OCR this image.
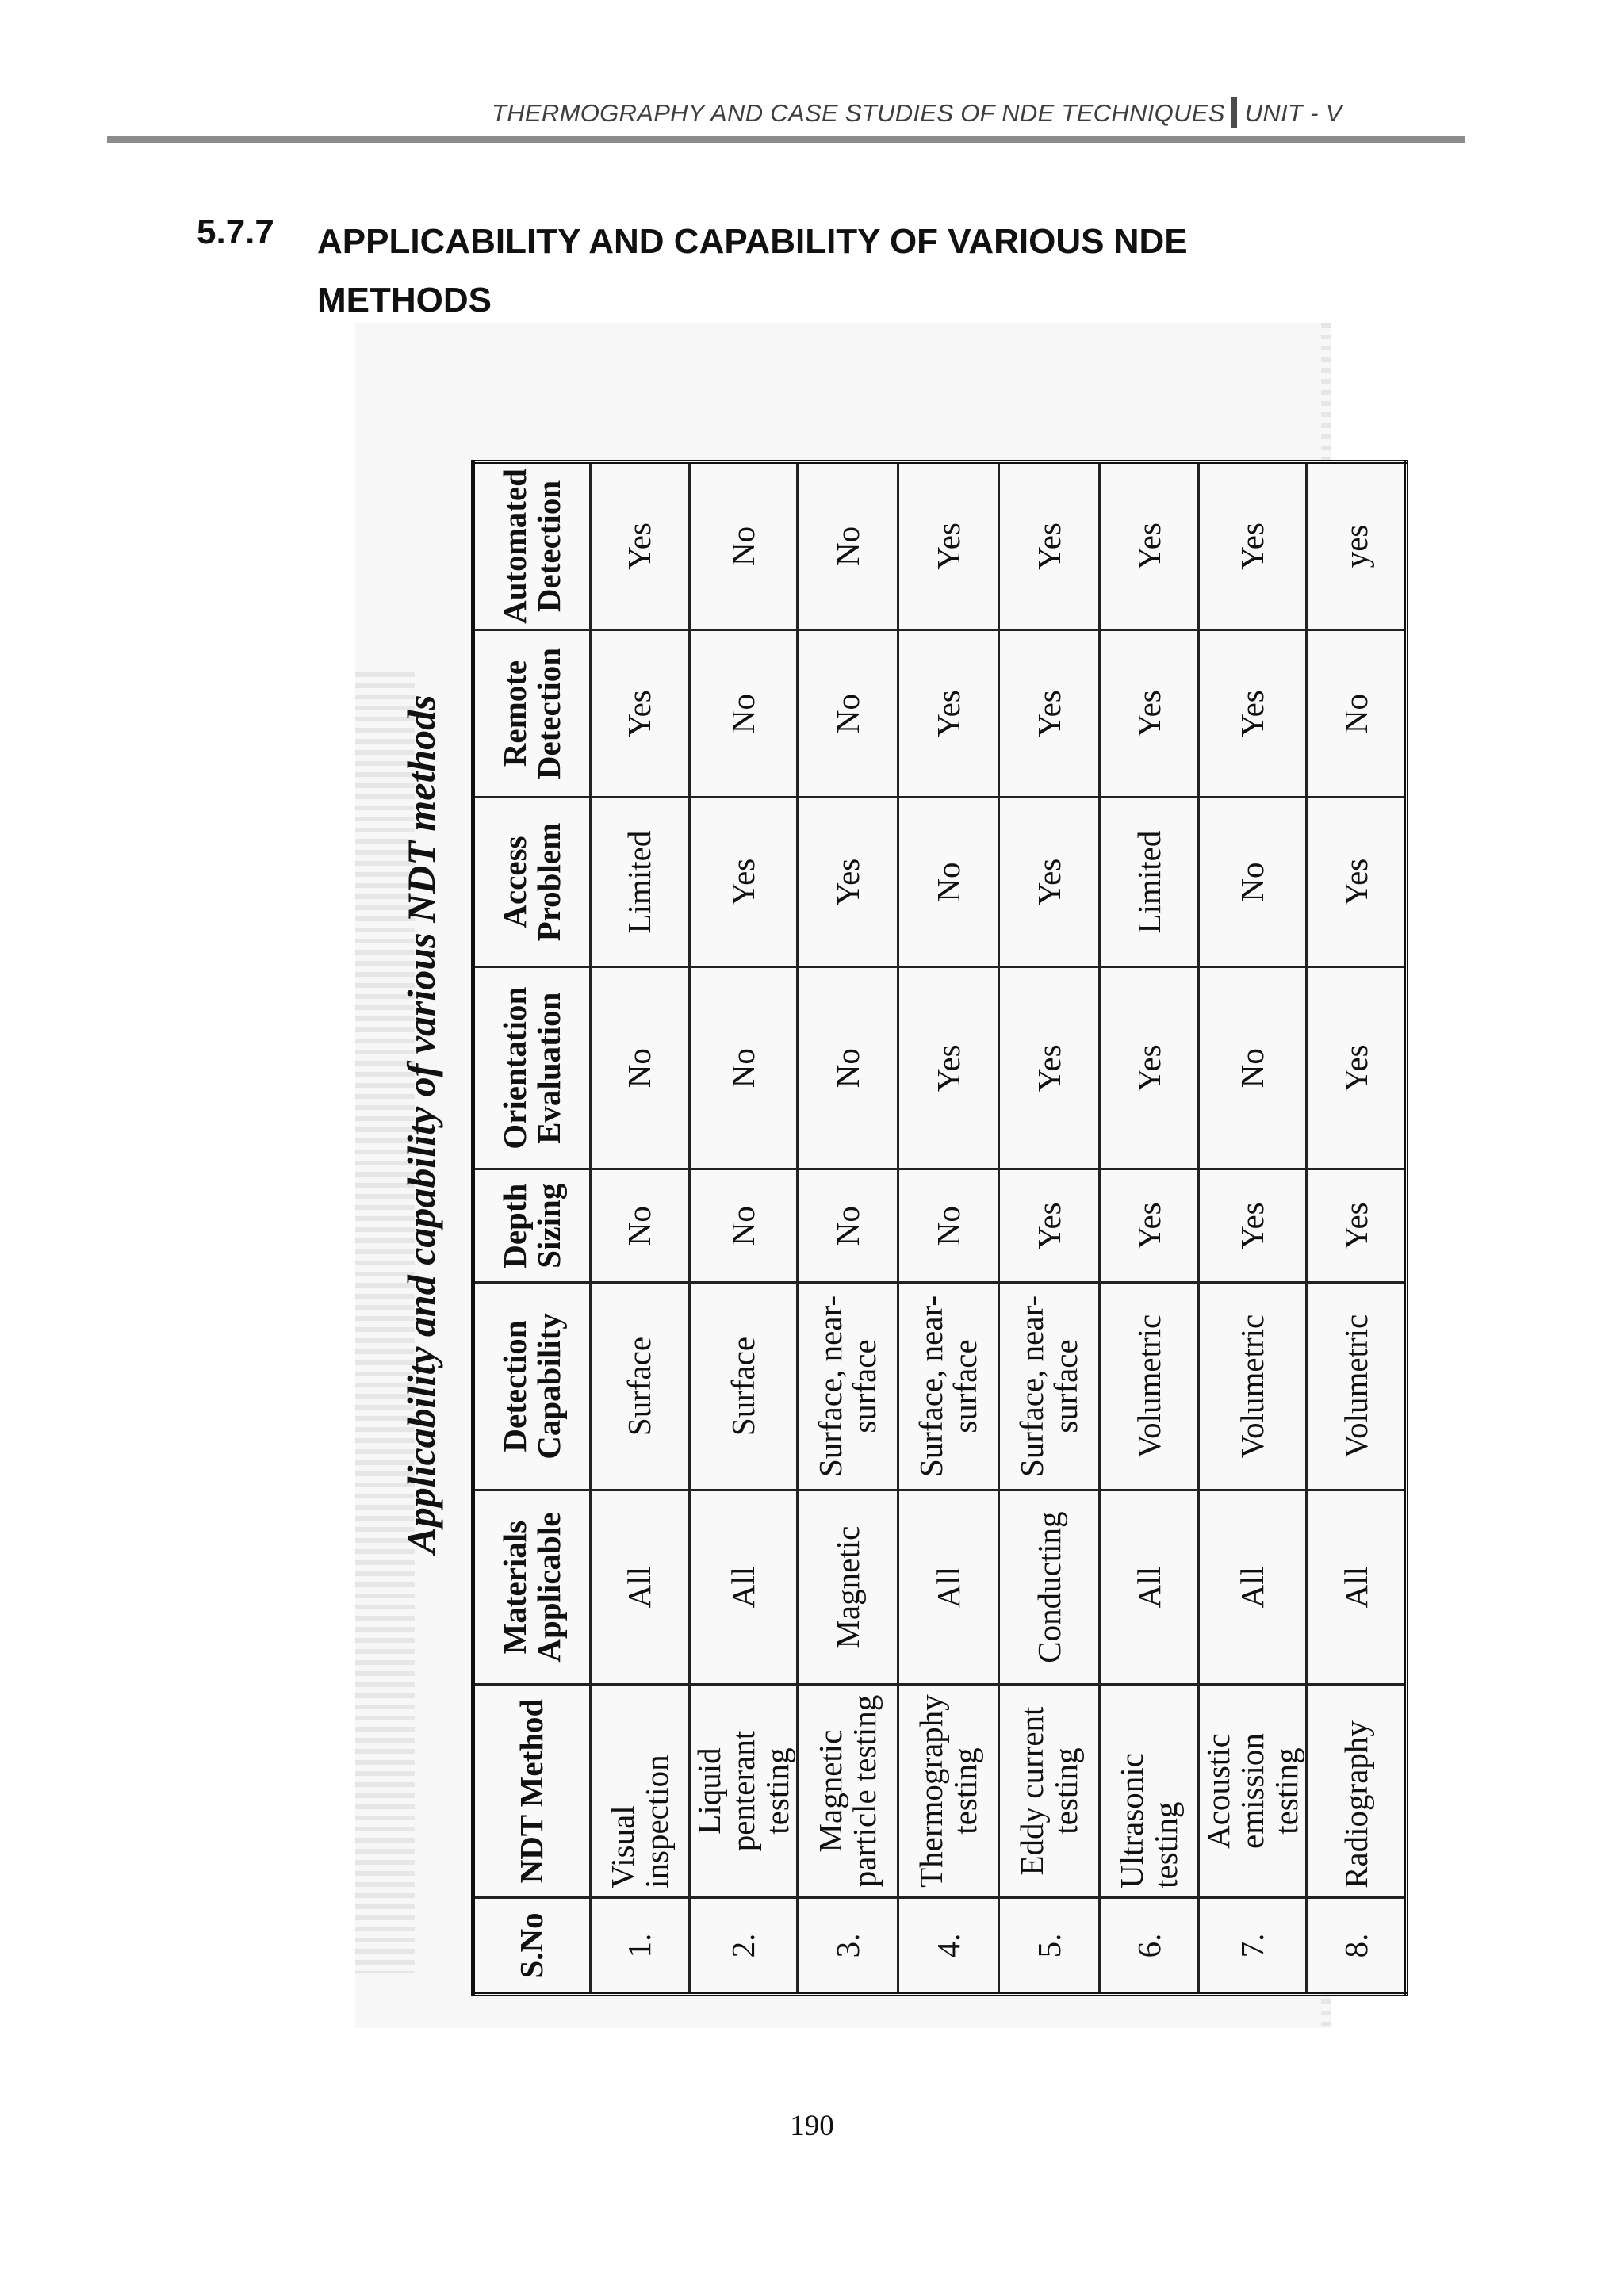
THERMOGRAPHY AND CASE STUDIES OF NDE TECHNIQUES UNIT - V
5.7.7 APPLICABILITY AND CAPABILITY OF VARIOUS NDE METHODS
Applicability and capability of various NDT methods
S.No	NDT Method	Materials Applicable	Detection Capability	Depth Sizing	Orientation Evaluation	Access Problem	Remote Detection	Automated Detection
1.	Visual inspection	All	Surface	No	No	Limited	Yes	Yes
2.	Liquid penterant testing	All	Surface	No	No	Yes	No	No
3.	Magnetic particle testing	Magnetic	Surface, near-surface	No	No	Yes	No	No
4.	Thermography testing	All	Surface, near-surface	No	Yes	No	Yes	Yes
5.	Eddy current testing	Conducting	Surface, near-surface	Yes	Yes	Yes	Yes	Yes
6.	Ultrasonic testing	All	Volumetric	Yes	Yes	Limited	Yes	Yes
7.	Acoustic emission testing	All	Volumetric	Yes	No	No	Yes	Yes
8.	Radiography	All	Volumetric	Yes	Yes	Yes	No	yes
190
